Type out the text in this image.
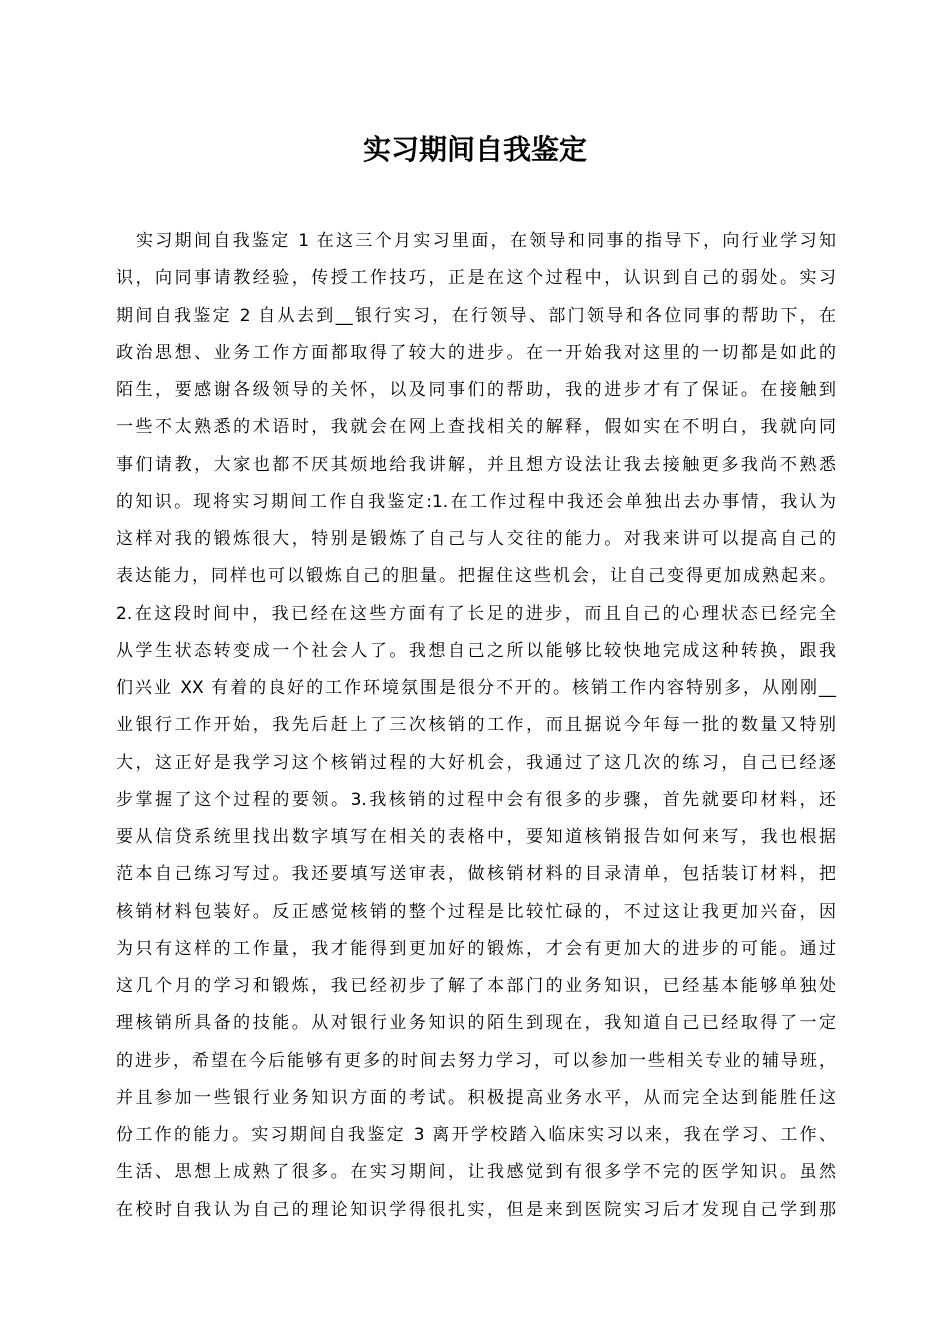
实习期间自我鉴定
实习期间自我鉴定 1 在这三个月实习里面，在领导和同事的指导下，向行业学习知
识，向同事请教经验，传授工作技巧，正是在这个过程中，认识到自己的弱处。实习
期间自我鉴定 2 自从去到__银行实习，在行领导、部门领导和各位同事的帮助下，在
政治思想、业务工作方面都取得了较大的进步。在一开始我对这里的一切都是如此的
陌生，要感谢各级领导的关怀，以及同事们的帮助，我的进步才有了保证。在接触到
一些不太熟悉的术语时，我就会在网上查找相关的解释，假如实在不明白，我就向同
事们请教，大家也都不厌其烦地给我讲解，并且想方设法让我去接触更多我尚不熟悉
的知识。现将实习期间工作自我鉴定:1.在工作过程中我还会单独出去办事情，我认为
这样对我的锻炼很大，特别是锻炼了自己与人交往的能力。对我来讲可以提高自己的
表达能力，同样也可以锻炼自己的胆量。把握住这些机会，让自己变得更加成熟起来。
2.在这段时间中，我已经在这些方面有了长足的进步，而且自己的心理状态已经完全
从学生状态转变成一个社会人了。我想自己之所以能够比较快地完成这种转换，跟我
们兴业 XX 有着的良好的工作环境氛围是很分不开的。核销工作内容特别多，从刚刚__
业银行工作开始，我先后赶上了三次核销的工作，而且据说今年每一批的数量又特别
大，这正好是我学习这个核销过程的大好机会，我通过了这几次的练习，自己已经逐
步掌握了这个过程的要领。3.我核销的过程中会有很多的步骤，首先就要印材料，还
要从信贷系统里找出数字填写在相关的表格中，要知道核销报告如何来写，我也根据
范本自己练习写过。我还要填写送审表，做核销材料的目录清单，包括装订材料，把
核销材料包装好。反正感觉核销的整个过程是比较忙碌的，不过这让我更加兴奋，因
为只有这样的工作量，我才能得到更加好的锻炼，才会有更加大的进步的可能。通过
这几个月的学习和锻炼，我已经初步了解了本部门的业务知识，已经基本能够单独处
理核销所具备的技能。从对银行业务知识的陌生到现在，我知道自己已经取得了一定
的进步，希望在今后能够有更多的时间去努力学习，可以参加一些相关专业的辅导班，
并且参加一些银行业务知识方面的考试。积极提高业务水平，从而完全达到能胜任这
份工作的能力。实习期间自我鉴定 3 离开学校踏入临床实习以来，我在学习、工作、
生活、思想上成熟了很多。在实习期间，让我感觉到有很多学不完的医学知识。虽然
在校时自我认为自己的理论知识学得很扎实，但是来到医院实习后才发现自己学到那
